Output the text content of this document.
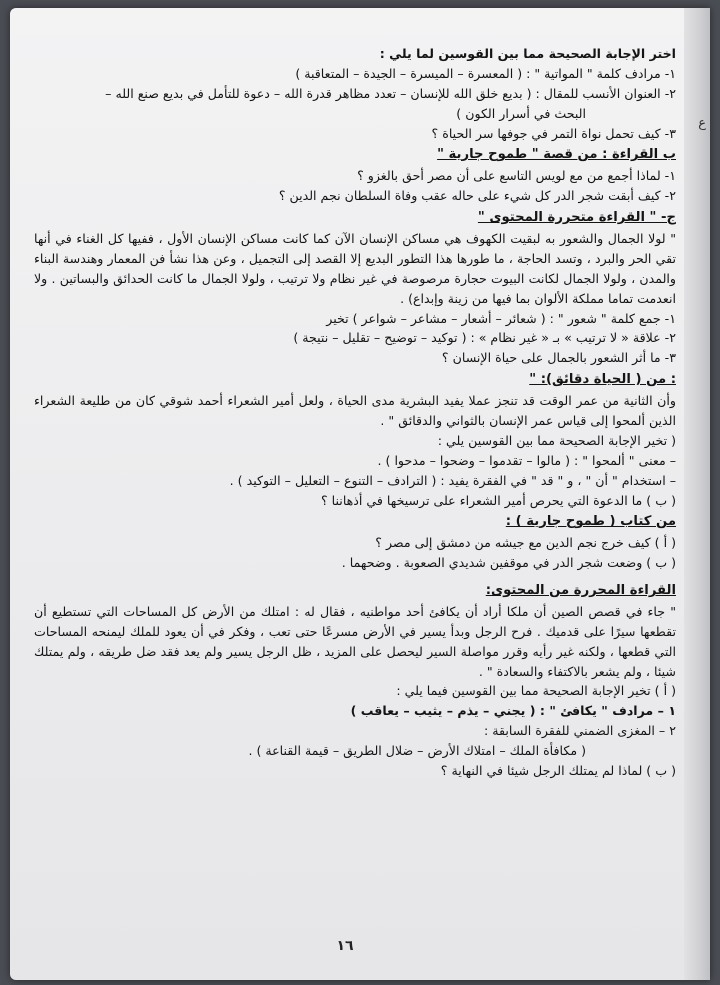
ع
اختر الإجابة الصحيحة مما بين القوسين لما يلي :
١- مرادف كلمة " المواتية " : ( المعسرة – الميسرة – الجيدة – المتعاقبة )
٢- العنوان الأنسب للمقال : ( بديع خلق الله للإنسان – تعدد مظاهر قدرة الله – دعوة للتأمل في بديع صنع الله –
البحث في أسرار الكون )
٣- كيف تحمل نواة التمر في جوفها سر الحياة ؟
ب القراءة : من قصة " طموح جارية "
١- لماذا أجمع من مع لويس التاسع على أن مصر أحق بالغزو ؟
٢- كيف أبقت شجر الدر كل شيء على حاله عقب وفاة السلطان نجم الدين ؟
ج- " القراءة متحررة المحتوى "
" لولا الجمال والشعور به لبقيت الكهوف هي مساكن الإنسان الآن كما كانت مساكن الإنسان الأول ، ففيها كل الغناء في أنها تقي الحر والبرد ، وتسد الحاجة ، ما طورها هذا التطور البديع إلا القصد إلى التجميل ، وعن هذا نشأ فن المعمار وهندسة البناء والمدن ، ولولا الجمال لكانت البيوت حجارة مرصوصة في غير نظام ولا ترتيب ، ولولا الجمال ما كانت الحدائق والبساتين . ولا انعدمت تماما مملكة الألوان بما فيها من زينة وإبداع) .
١- جمع كلمة " شعور " : ( شعائر – أشعار – مشاعر – شواعر ) تخير
٢- علاقة « لا ترتيب » بـ « غير نظام » : ( توكيد – توضيح – تقليل – نتيجة )
٣- ما أثر الشعور بالجمال على حياة الإنسان ؟
: من ( الحياة دقائق): "
وأن الثانية من عمر الوقت قد تنجز عملا يفيد البشرية مدى الحياة ، ولعل أمير الشعراء أحمد شوقي كان من طليعة الشعراء الذين ألمحوا إلى قياس عمر الإنسان بالثواني والدقائق " .
( تخير الإجابة الصحيحة مما بين القوسين يلي :
– معنى " ألمحوا " : ( مالوا – تقدموا – وضحوا – مدحوا ) .
– استخدام " أن " ، و " قد " في الفقرة يفيد : ( الترادف – التنوع – التعليل – التوكيد ) .
( ب ) ما الدعوة التي يحرص أمير الشعراء على ترسيخها في أذهاننا ؟
من كتاب ( طموح جارية ) :
( أ ) كيف خرج نجم الدين مع جيشه من دمشق إلى مصر ؟
( ب ) وضعت شجر الدر في موقفين شديدي الصعوبة . وضحهما .
القراءة المحررة من المحتوى:
" جاء في قصص الصين أن ملكا أراد أن يكافئ أحد مواطنيه ، فقال له : امتلك من الأرض كل المساحات التي تستطيع أن تقطعها سيرًا على قدميك . فرح الرجل وبدأ يسير في الأرض مسرعًا حتى تعب ، وفكر في أن يعود للملك ليمنحه المساحات التي قطعها ، ولكنه غير رأيه وقرر مواصلة السير ليحصل على المزيد ، ظل الرجل يسير ولم يعد فقد ضل طريقه ، ولم يمتلك شيئا ، ولم يشعر بالاكتفاء والسعادة " .
( أ ) تخير الإجابة الصحيحة مما بين القوسين فيما يلي :
١ – مرادف " يكافئ " : ( يجني – يذم – يثيب – يعاقب )
٢ – المغزى الضمني للفقرة السابقة :
( مكافأة الملك – امتلاك الأرض – ضلال الطريق – قيمة القناعة ) .
( ب ) لماذا لم يمتلك الرجل شيئا في النهاية ؟
١٦
